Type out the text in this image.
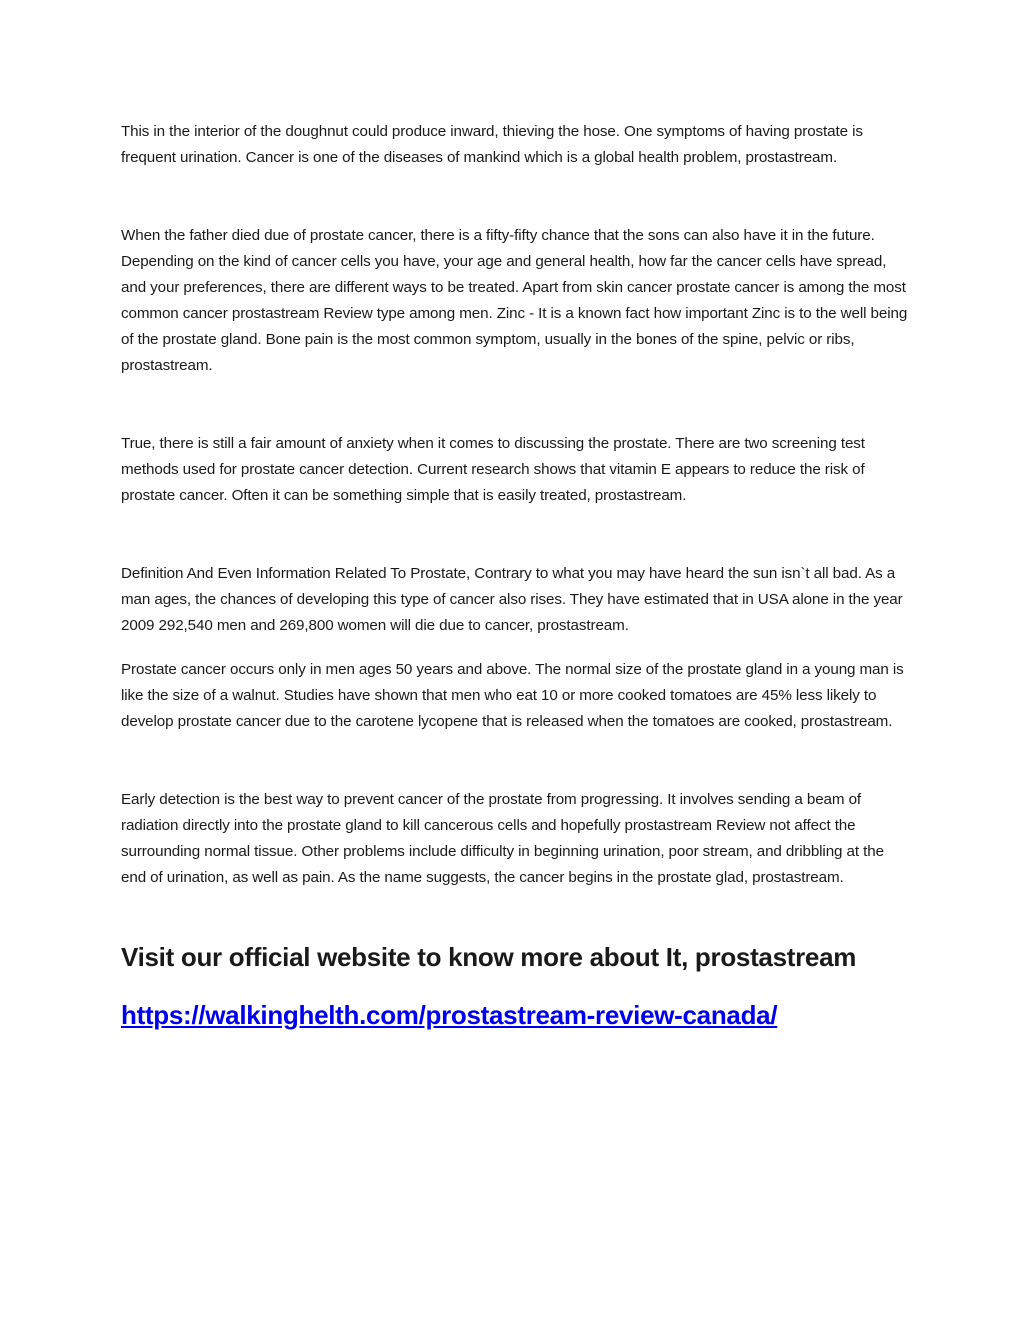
This in the interior of the doughnut could produce inward, thieving the hose. One symptoms of having prostate is frequent urination. Cancer is one of the diseases of mankind which is a global health problem, prostastream.

When the father died due of prostate cancer, there is a fifty-fifty chance that the sons can also have it in the future. Depending on the kind of cancer cells you have, your age and general health, how far the cancer cells have spread, and your preferences, there are different ways to be treated. Apart from skin cancer prostate cancer is among the most common cancer prostastream Review type among men. Zinc - It is a known fact how important Zinc is to the well being of the prostate gland. Bone pain is the most common symptom, usually in the bones of the spine, pelvic or ribs, prostastream.

True, there is still a fair amount of anxiety when it comes to discussing the prostate. There are two screening test methods used for prostate cancer detection. Current research shows that vitamin E appears to reduce the risk of prostate cancer. Often it can be something simple that is easily treated, prostastream.

Definition And Even Information Related To Prostate, Contrary to what you may have heard the sun isn`t all bad. As a man ages, the chances of developing this type of cancer also rises. They have estimated that in USA alone in the year 2009 292,540 men and 269,800 women will die due to cancer, prostastream.

Prostate cancer occurs only in men ages 50 years and above. The normal size of the prostate gland in a young man is like the size of a walnut. Studies have shown that men who eat 10 or more cooked tomatoes are 45% less likely to develop prostate cancer due to the carotene lycopene that is released when the tomatoes are cooked, prostastream.

Early detection is the best way to prevent cancer of the prostate from progressing. It involves sending a beam of radiation directly into the prostate gland to kill cancerous cells and hopefully prostastream Review not affect the surrounding normal tissue. Other problems include difficulty in beginning urination, poor stream, and dribbling at the end of urination, as well as pain. As the name suggests, the cancer begins in the prostate glad, prostastream.

Visit our official website to know more about It, prostastream
https://walkinghelth.com/prostastream-review-canada/
